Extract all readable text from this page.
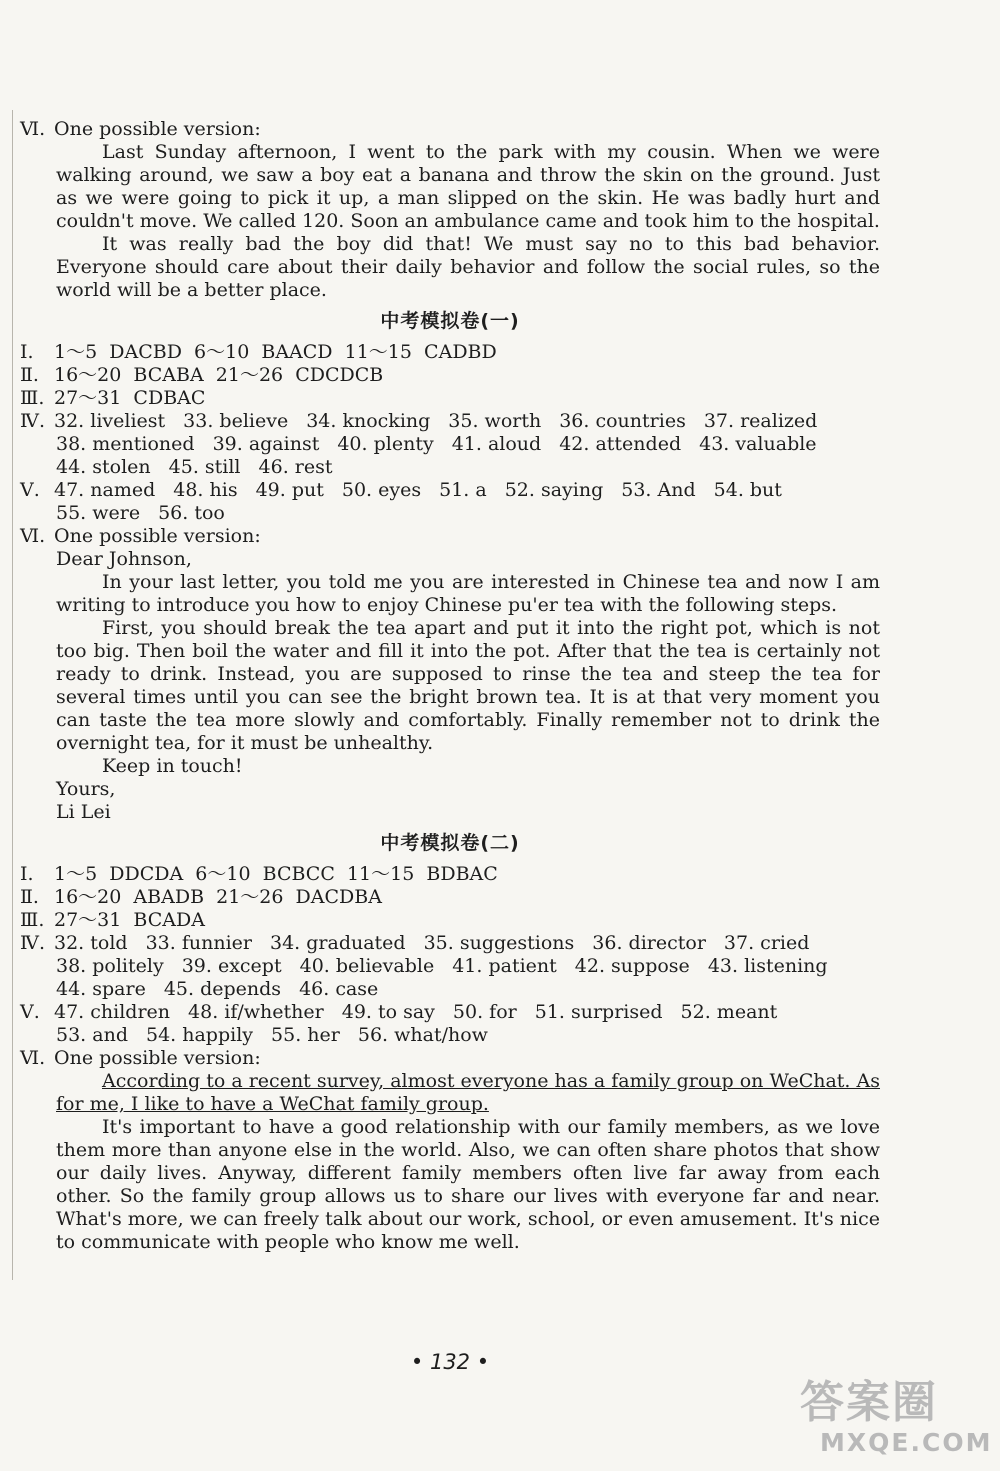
Ⅵ. One possible version:
Last Sunday afternoon, I went to the park with my cousin. When we were walking around, we saw a boy eat a banana and throw the skin on the ground. Just as we were going to pick it up, a man slipped on the skin. He was badly hurt and couldn't move. We called 120. Soon an ambulance came and took him to the hospital.
It was really bad the boy did that! We must say no to this bad behavior. Everyone should care about their daily behavior and follow the social rules, so the world will be a better place.
中考模拟卷(一)
Ⅰ. 1～5  DACBD  6～10  BAACD  11～15  CADBD
Ⅱ. 16～20  BCABA  21～26  CDCDCB
Ⅲ. 27～31  CDBAC
Ⅳ. 32. liveliest 33. believe 34. knocking 35. worth 36. countries 37. realized
38. mentioned 39. against 40. plenty 41. aloud 42. attended 43. valuable
44. stolen 45. still 46. rest
Ⅴ. 47. named 48. his 49. put 50. eyes 51. a 52. saying 53. And 54. but
55. were 56. too
Ⅵ. One possible version:
Dear Johnson,
In your last letter, you told me you are interested in Chinese tea and now I am writing to introduce you how to enjoy Chinese pu'er tea with the following steps.
First, you should break the tea apart and put it into the right pot, which is not too big. Then boil the water and fill it into the pot. After that the tea is certainly not ready to drink. Instead, you are supposed to rinse the tea and steep the tea for several times until you can see the bright brown tea. It is at that very moment you can taste the tea more slowly and comfortably. Finally remember not to drink the overnight tea, for it must be unhealthy.
Keep in touch!
Yours,
Li Lei
中考模拟卷(二)
Ⅰ. 1～5  DDCDA  6～10  BCBCC  11～15  BDBAC
Ⅱ. 16～20  ABADB  21～26  DACDBA
Ⅲ. 27～31  BCADA
Ⅳ. 32. told 33. funnier 34. graduated 35. suggestions 36. director 37. cried
38. politely 39. except 40. believable 41. patient 42. suppose 43. listening
44. spare 45. depends 46. case
Ⅴ. 47. children 48. if/whether 49. to say 50. for 51. surprised 52. meant
53. and 54. happily 55. her 56. what/how
Ⅵ. One possible version:
According to a recent survey, almost everyone has a family group on WeChat. As for me, I like to have a WeChat family group.
It's important to have a good relationship with our family members, as we love them more than anyone else in the world. Also, we can often share photos that show our daily lives. Anyway, different family members often live far away from each other. So the family group allows us to share our lives with everyone far and near. What's more, we can freely talk about our work, school, or even amusement. It's nice to communicate with people who know me well.
• 132 •
答案圈
MXQE.COM
